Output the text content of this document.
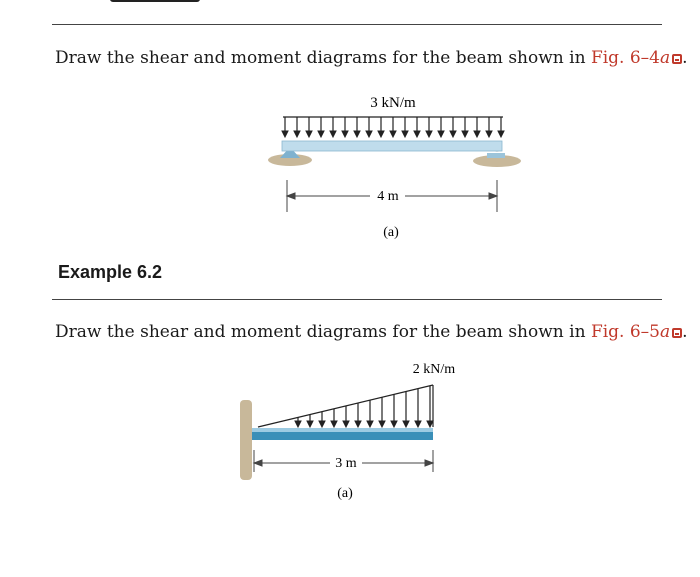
Draw the shear and moment diagrams for the beam shown in Fig. 6–4a .
3 kN/m
4 m
(a)
2 kN/m
3 m
(a)
Example 6.2
Draw the shear and moment diagrams for the beam shown in Fig. 6–5a .
